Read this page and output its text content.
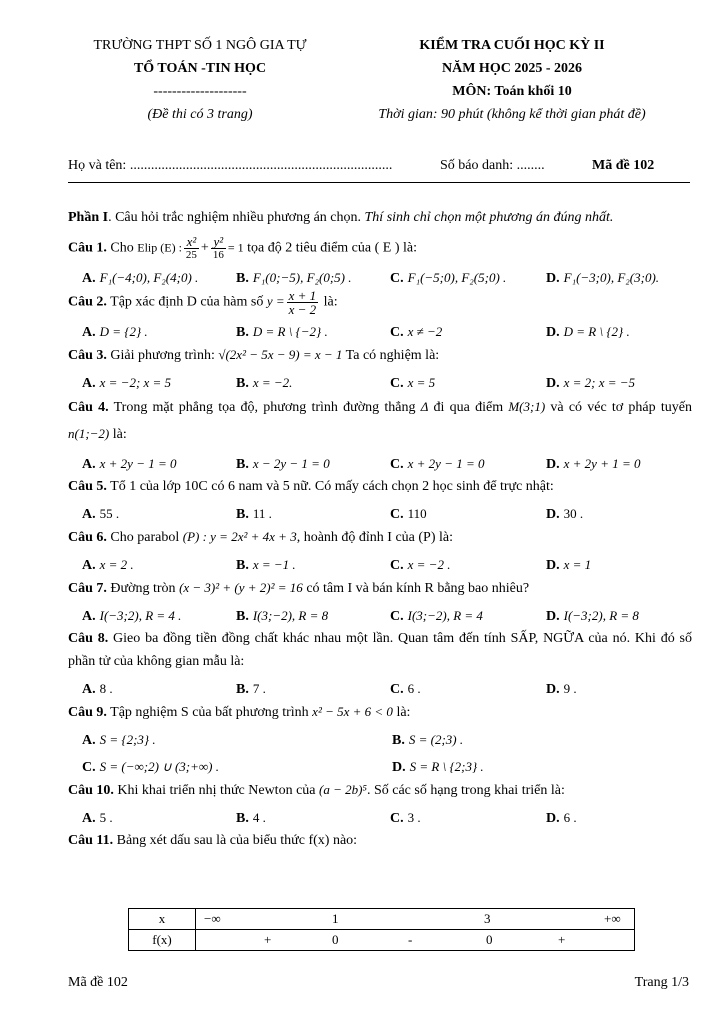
TRƯỜNG THPT SỐ 1 NGÔ GIA TỰ
TỔ TOÁN -TIN HỌC
--------------------
(Đề thi có 3 trang)
KIỂM TRA CUỐI HỌC KỲ II
NĂM HỌC 2025 - 2026
MÔN: Toán khối 10
Thời gian: 90 phút (không kể thời gian phát đề)
Họ và tên: ...........................................................................	Số báo danh: ........	Mã đề 102

Phần I. Câu hỏi trắc nghiệm nhiều phương án chọn. Thí sinh chỉ chọn một phương án đúng nhất.

Câu 1. Cho Elip (E) : $\frac{\text{x²}}{25} + \frac{\text{y²}}{16} = 1$ tọa độ 2 tiêu điểm của ( E ) là:

A. F₁(−4;0), F₂(4;0) .	B. F₁(0;−5), F₂(0;5) .	C. F₁(−5;0), F₂(5;0) .	D. F₁(−3;0), F₂(3;0).

Câu 2. Tập xác định D của hàm số $y = \frac{x + 1}{x - 2}$ là:

A. D = {2} .	B. D = R \ {−2} .	C. x ≠ −2	D. D = R \ {2} .

Câu 3. Giải phương trình: √(2x² − 5x − 9) = x − 1 Ta có nghiệm là:

A. x = −2; x = 5	B. x = −2.	C. x = 5	D. x = 2; x = −5

Câu 4. Trong mặt phẳng tọa độ, phương trình đường thẳng Δ đi qua điểm M(3;1) và có véc tơ pháp tuyến n(1;−2) là:

A. x + 2y − 1 = 0	B. x − 2y − 1 = 0	C. x + 2y − 1 = 0	D. x + 2y + 1 = 0

Câu 5. Tổ 1 của lớp 10C có 6 nam và 5 nữ. Có mấy cách chọn 2 học sinh để trực nhật:

A. 55 .	B. 11 .	C. 110	D. 30 .

Câu 6. Cho parabol (P) : y = 2x² + 4x + 3, hoành độ đỉnh I của (P) là:

A. x = 2 .	B. x = −1 .	C. x = −2 .	D. x = 1

Câu 7. Đường tròn (x − 3)² + (y + 2)² = 16 có tâm I và bán kính R bằng bao nhiêu?

A. I(−3;2), R = 4 .	B. I(3;−2), R = 8	C. I(3;−2), R = 4	D. I(−3;2), R = 8

Câu 8. Gieo ba đồng tiền đồng chất khác nhau một lần. Quan tâm đến tính SẤP, NGỮA của nó. Khi đó số phần tử của không gian mẫu là:

A. 8 .	B. 7 .	C. 6 .	D. 9 .

Câu 9. Tập nghiệm S của bất phương trình x² − 5x + 6 < 0 là:

A. S = {2;3} .	B. S = (2;3) .
C. S = (−∞;2) ∪ (3;+∞) .	D. S = R \ {2;3} .

Câu 10. Khi khai triển nhị thức Newton của (a − 2b)⁵. Số các số hạng trong khai triển là:

A. 5 .	B. 4 .	C. 3 .	D. 6 .

Câu 11. Bảng xét dấu sau là của biểu thức f(x) nào:

x	−∞ 1 3 +∞

f(x)	+ 0 - 0 +
Mã đề 102	Trang 1/3
